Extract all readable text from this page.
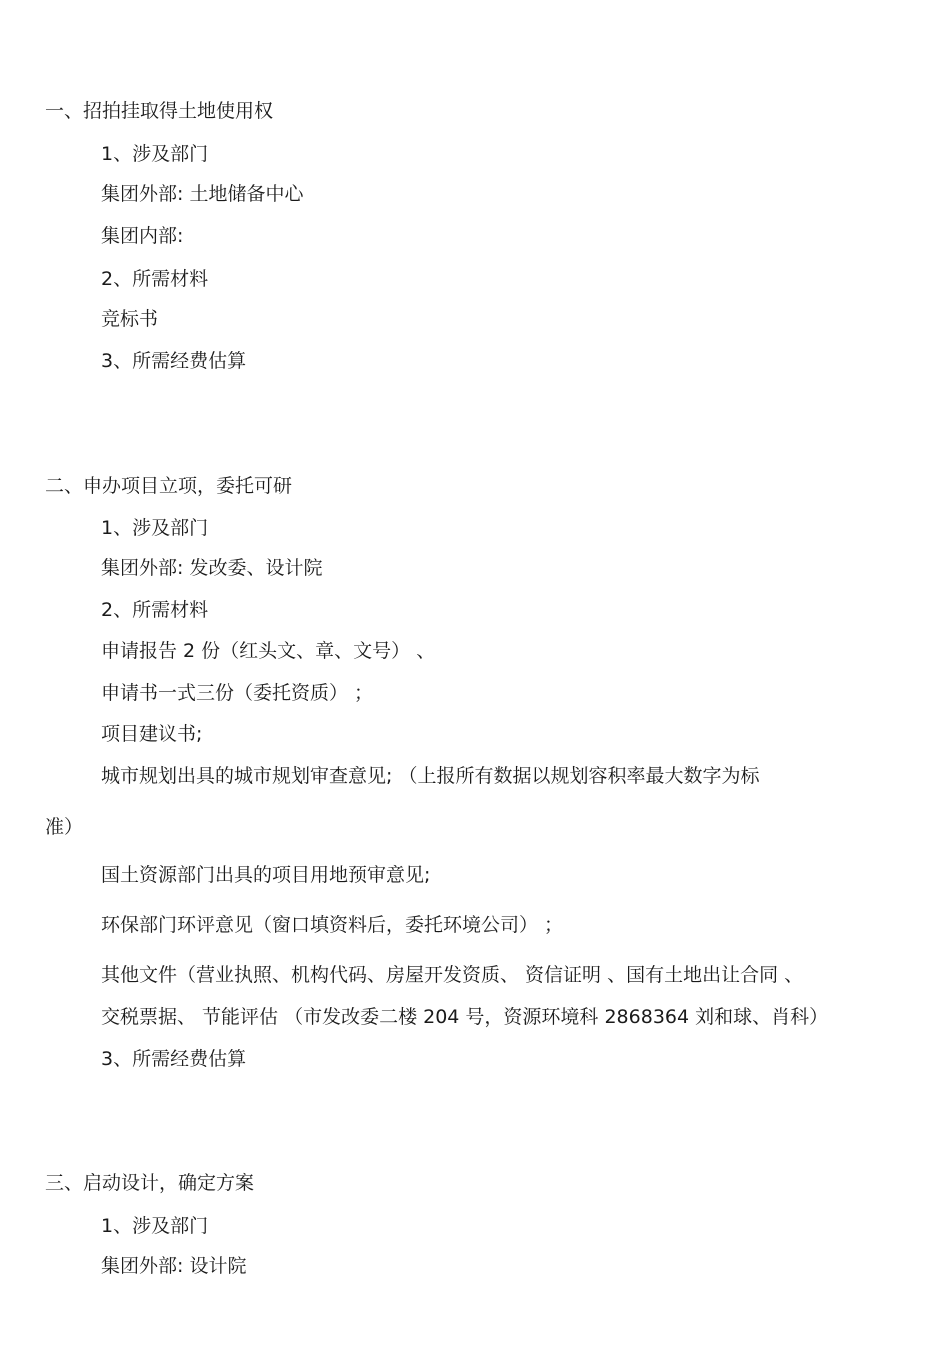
一、招拍挂取得土地使用权

1、涉及部门

集团外部: 土地储备中心

集团内部:

2、所需材料

竞标书

3、所需经费估算

二、申办项目立项，委托可研

1、涉及部门

集团外部: 发改委、设计院

2、所需材料

申请报告 2 份（红头文、章、文号） 、

申请书一式三份（委托资质） ；

项目建议书;

城市规划出具的城市规划审查意见; （上报所有数据以规划容积率最大数字为标

准）

国土资源部门出具的项目用地预审意见;

环保部门环评意见（窗口填资料后，委托环境公司） ；

其他文件（营业执照、机构代码、房屋开发资质、 资信证明 、国有土地出让合同 、

交税票据、 节能评估 （市发改委二楼 204 号，资源环境科 2868364 刘和球、肖科）

3、所需经费估算

三、启动设计，确定方案

1、涉及部门

集团外部: 设计院
